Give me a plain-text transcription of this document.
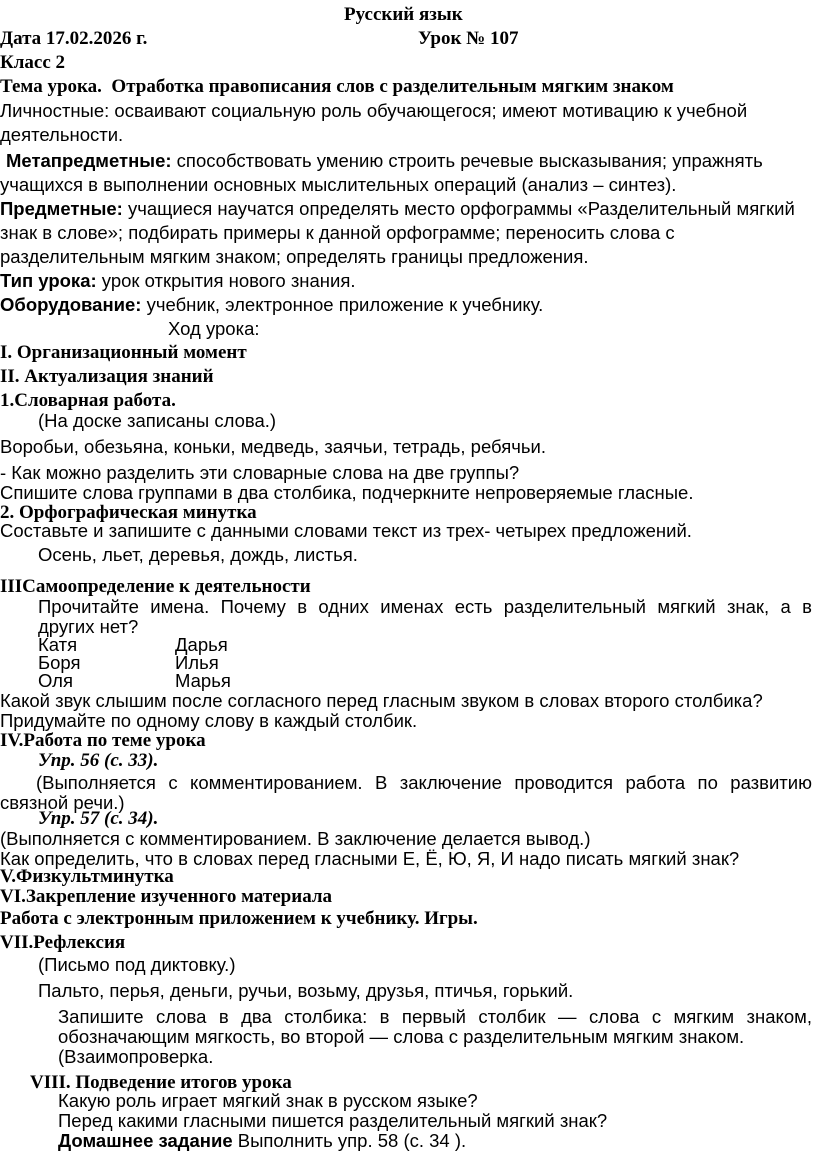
Русский язык
Дата 17.02.2026 г.	Урок № 107
Класс 2
Тема урока. Отработка правописания слов с разделительным мягким знаком
Личностные: осваивают социальную роль обучающегося; имеют мотивацию к учебной
деятельности.
Метапредметные: способствовать умению строить речевые высказывания; упражнять
учащихся в выполнении основных мыслительных операций (анализ – синтез).
Предметные: учащиеся научатся определять место орфограммы «Разделительный мягкий
знак в слове»; подбирать примеры к данной орфограмме; переносить слова с
разделительным мягким знаком; определять границы предложения.
Тип урока: урок открытия нового знания.
Оборудование: учебник, электронное приложение к учебнику.
Ход урока:
I. Организационный момент
II. Актуализация знаний
1.Словарная работа.
(На доске записаны слова.)
Воробьи, обезьяна, коньки, медведь, заячьи, тетрадь, ребячьи.
- Как можно разделить эти словарные слова на две группы?
Спишите слова группами в два столбика, подчеркните непроверяемые гласные.
2. Орфографическая минутка
Составьте и запишите с данными словами текст из трех- четырех предложений.
Осень, льет, деревья, дождь, листья.
IIIСамоопределение к деятельности
Прочитайте имена. Почему в одних именах есть разделительный мягкий знак, а в
других нет?
Катя	Дарья
Боря	Илья
Оля	Марья
Какой звук слышим после согласного перед гласным звуком в словах второго столбика?
Придумайте по одному слову в каждый столбик.
IV.Работа по теме урока
Упр. 56 (с. 33).
(Выполняется с комментированием. В заключение проводится работа по развитию
связной речи.)
Упр. 57 (с. 34).
(Выполняется с комментированием. В заключение делается вывод.)
Как определить, что в словах перед гласными Е, Ё, Ю, Я, И надо писать мягкий знак?
V.Физкультминутка
VI.Закрепление изученного материала
Работа с электронным приложением к учебнику. Игры.
VII.Рефлексия
(Письмо под диктовку.)
Пальто, перья, деньги, ручьи, возьму, друзья, птичья, горький.
Запишите слова в два столбика: в первый столбик — слова с мягким знаком,
обозначающим мягкость, во второй — слова с разделительным мягким знаком.
(Взаимопроверка.
VIII. Подведение итогов урока
Какую роль играет мягкий знак в русском языке?
Перед какими гласными пишется разделительный мягкий знак?
Домашнее задание Выполнить упр. 58 (с. 34 ).
